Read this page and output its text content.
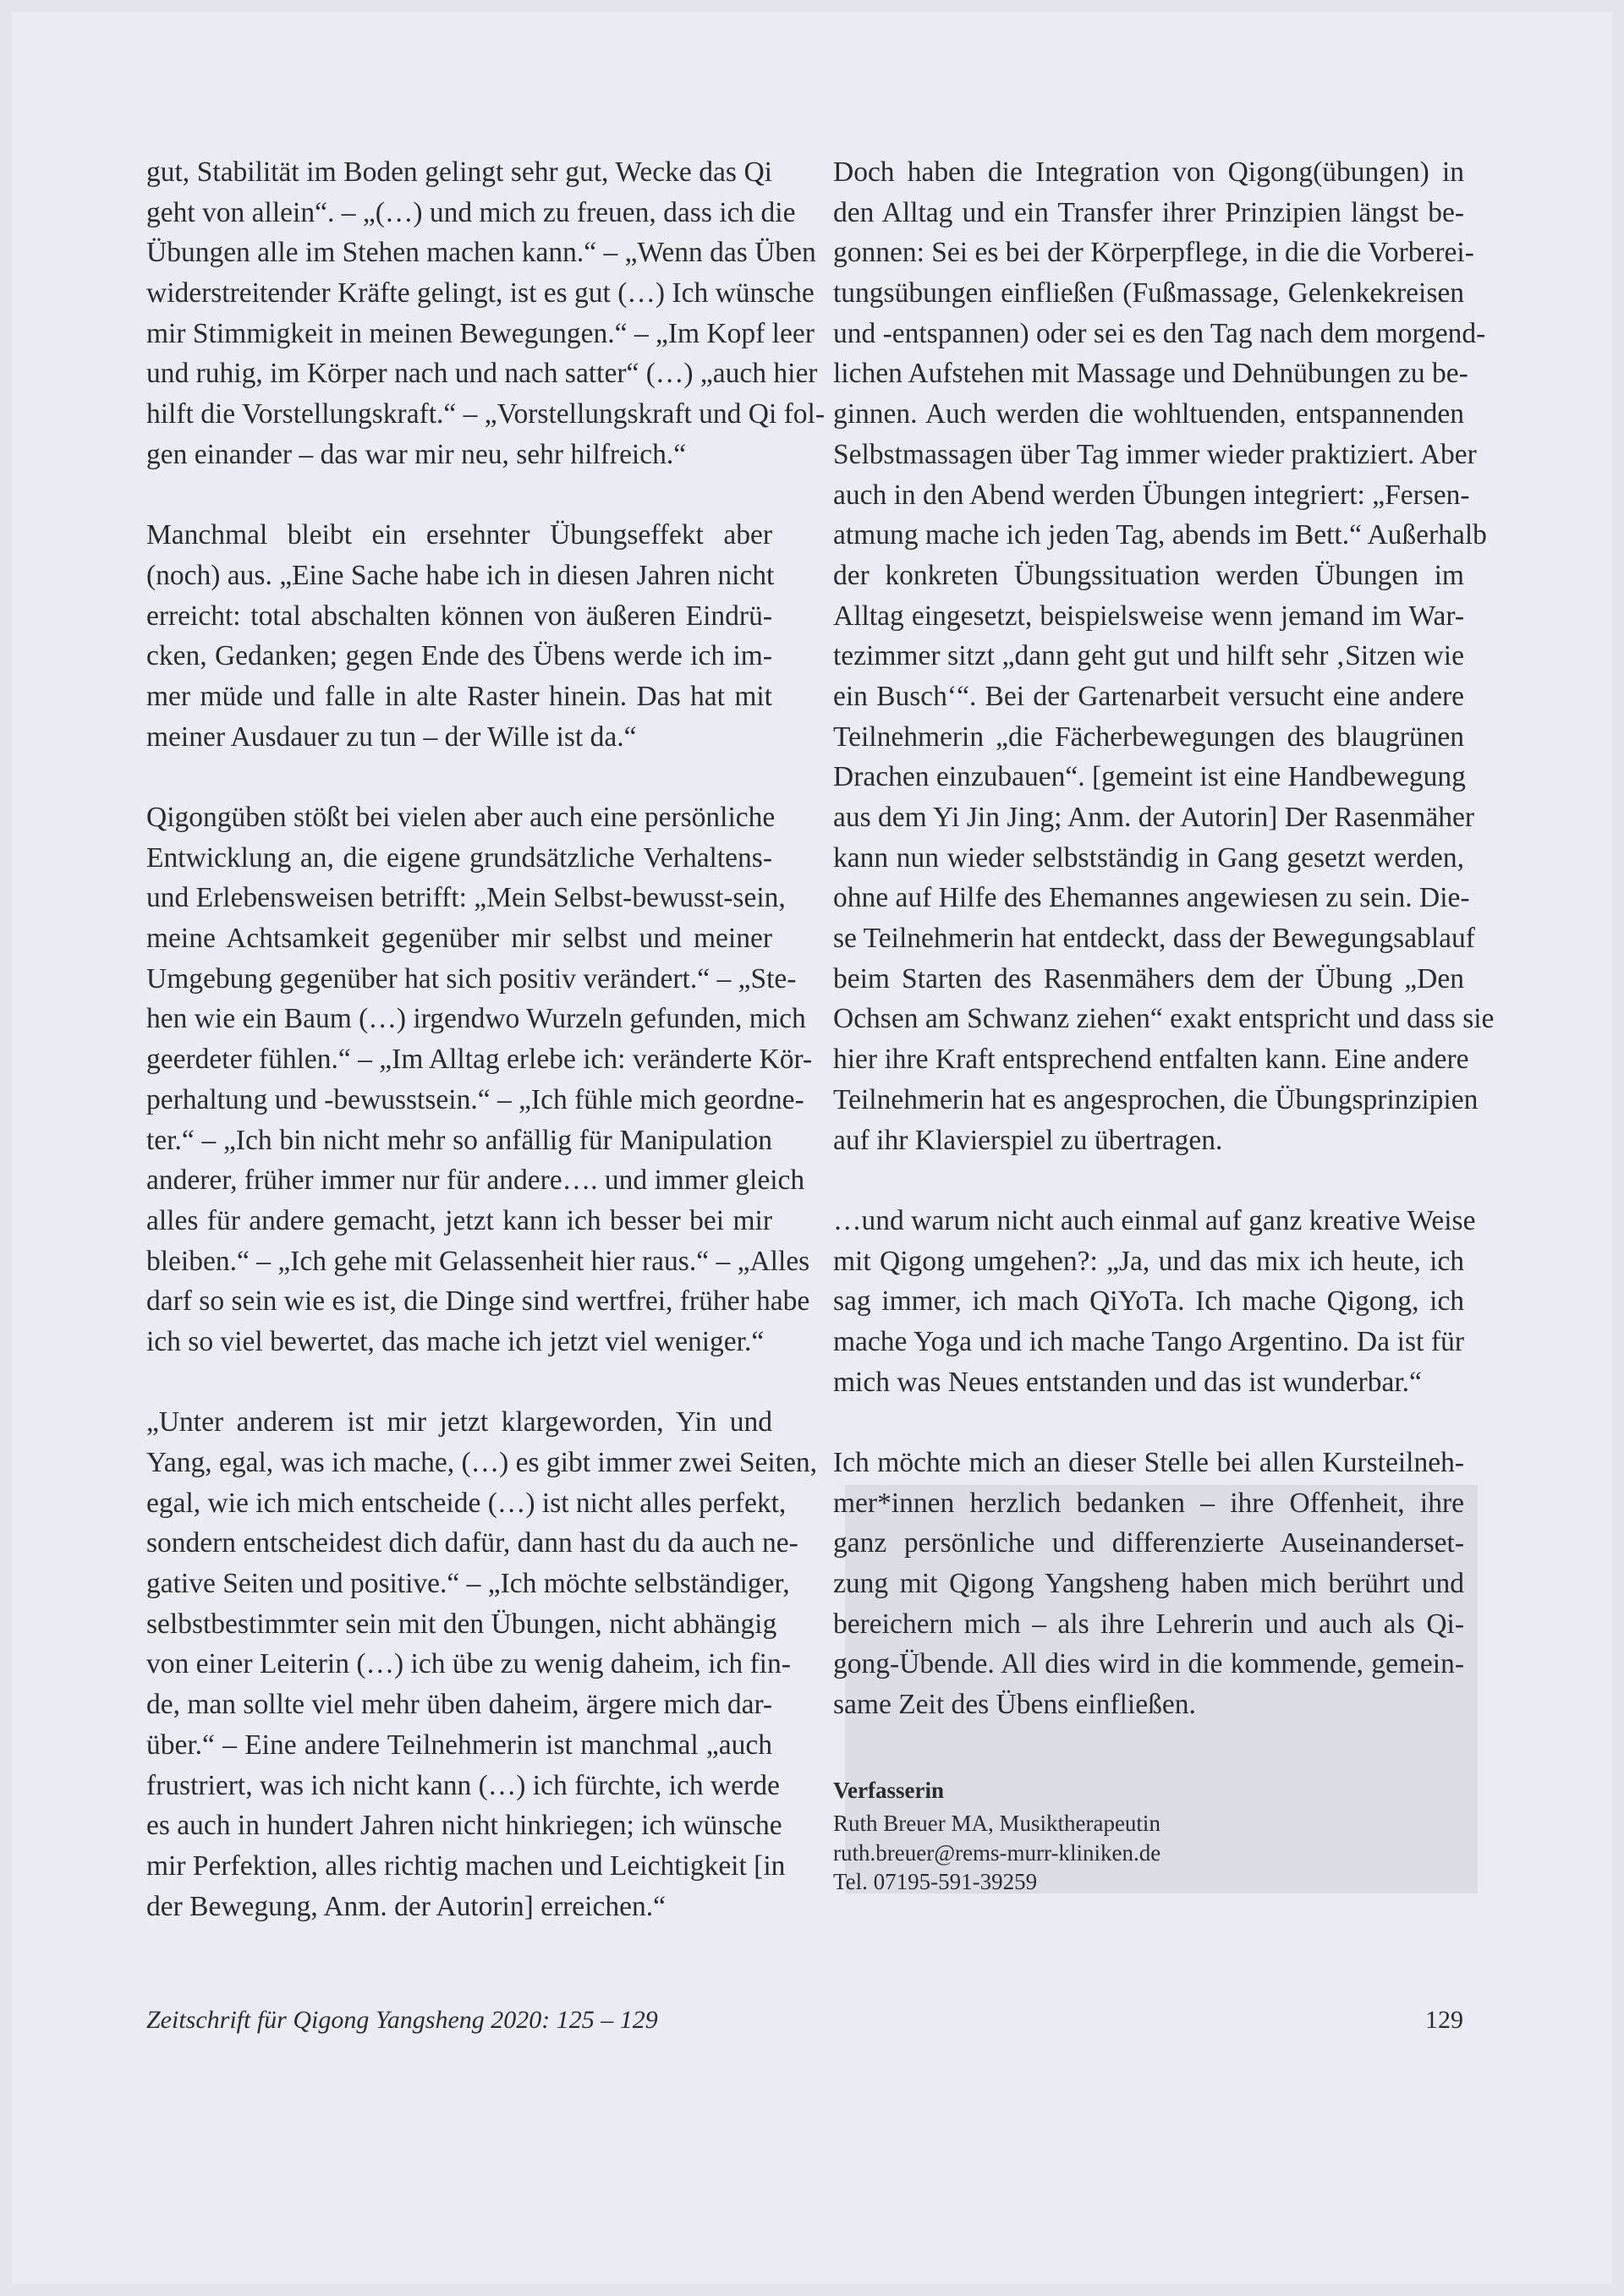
gut, Stabilität im Boden gelingt sehr gut, Wecke das Qi
geht von allein“. – „(…) und mich zu freuen, dass ich die
Übungen alle im Stehen machen kann.“ – „Wenn das Üben
widerstreitender Kräfte gelingt, ist es gut (…) Ich wünsche
mir Stimmigkeit in meinen Bewegungen.“ – „Im Kopf leer
und ruhig, im Körper nach und nach satter“ (…) „auch hier
hilft die Vorstellungskraft.“ – „Vorstellungskraft und Qi fol-
gen einander – das war mir neu, sehr hilfreich.“
Manchmal bleibt ein ersehnter Übungseffekt aber
(noch) aus. „Eine Sache habe ich in diesen Jahren nicht
erreicht: total abschalten können von äußeren Eindrü-
cken, Gedanken; gegen Ende des Übens werde ich im-
mer müde und falle in alte Raster hinein. Das hat mit
meiner Ausdauer zu tun – der Wille ist da.“
Qigongüben stößt bei vielen aber auch eine persönliche
Entwicklung an, die eigene grundsätzliche Verhaltens-
und Erlebensweisen betrifft: „Mein Selbst-bewusst-sein,
meine Achtsamkeit gegenüber mir selbst und meiner
Umgebung gegenüber hat sich positiv verändert.“ – „Ste-
hen wie ein Baum (…) irgendwo Wurzeln gefunden, mich
geerdeter fühlen.“ – „Im Alltag erlebe ich: veränderte Kör-
perhaltung und -bewusstsein.“ – „Ich fühle mich geordne-
ter.“ – „Ich bin nicht mehr so anfällig für Manipulation
anderer, früher immer nur für andere…. und immer gleich
alles für andere gemacht, jetzt kann ich besser bei mir
bleiben.“ – „Ich gehe mit Gelassenheit hier raus.“ – „Alles
darf so sein wie es ist, die Dinge sind wertfrei, früher habe
ich so viel bewertet, das mache ich jetzt viel weniger.“
„Unter anderem ist mir jetzt klargeworden, Yin und
Yang, egal, was ich mache, (…) es gibt immer zwei Seiten,
egal, wie ich mich entscheide (…) ist nicht alles perfekt,
sondern entscheidest dich dafür, dann hast du da auch ne-
gative Seiten und positive.“ – „Ich möchte selbständiger,
selbstbestimmter sein mit den Übungen, nicht abhängig
von einer Leiterin (…) ich übe zu wenig daheim, ich fin-
de, man sollte viel mehr üben daheim, ärgere mich dar-
über.“ – Eine andere Teilnehmerin ist manchmal „auch
frustriert, was ich nicht kann (…) ich fürchte, ich werde
es auch in hundert Jahren nicht hinkriegen; ich wünsche
mir Perfektion, alles richtig machen und Leichtigkeit [in
der Bewegung, Anm. der Autorin] erreichen.“
Doch haben die Integration von Qigong(übungen) in
den Alltag und ein Transfer ihrer Prinzipien längst be-
gonnen: Sei es bei der Körperpflege, in die die Vorberei-
tungsübungen einfließen (Fußmassage, Gelenkekreisen
und -entspannen) oder sei es den Tag nach dem morgend-
lichen Aufstehen mit Massage und Dehnübungen zu be-
ginnen. Auch werden die wohltuenden, entspannenden
Selbstmassagen über Tag immer wieder praktiziert. Aber
auch in den Abend werden Übungen integriert: „Fersen-
atmung mache ich jeden Tag, abends im Bett.“ Außerhalb
der konkreten Übungssituation werden Übungen im
Alltag eingesetzt, beispielsweise wenn jemand im War-
tezimmer sitzt „dann geht gut und hilft sehr ‚Sitzen wie
ein Busch‘“. Bei der Gartenarbeit versucht eine andere
Teilnehmerin „die Fächerbewegungen des blaugrünen
Drachen einzubauen“. [gemeint ist eine Handbewegung
aus dem Yi Jin Jing; Anm. der Autorin] Der Rasenmäher
kann nun wieder selbstständig in Gang gesetzt werden,
ohne auf Hilfe des Ehemannes angewiesen zu sein. Die-
se Teilnehmerin hat entdeckt, dass der Bewegungsablauf
beim Starten des Rasenmähers dem der Übung „Den
Ochsen am Schwanz ziehen“ exakt entspricht und dass sie
hier ihre Kraft entsprechend entfalten kann. Eine andere
Teilnehmerin hat es angesprochen, die Übungsprinzipien
auf ihr Klavierspiel zu übertragen.
…und warum nicht auch einmal auf ganz kreative Weise
mit Qigong umgehen?: „Ja, und das mix ich heute, ich
sag immer, ich mach QiYoTa. Ich mache Qigong, ich
mache Yoga und ich mache Tango Argentino. Da ist für
mich was Neues entstanden und das ist wunderbar.“
Ich möchte mich an dieser Stelle bei allen Kursteilneh-
mer*innen herzlich bedanken – ihre Offenheit, ihre
ganz persönliche und differenzierte Auseinanderset-
zung mit Qigong Yangsheng haben mich berührt und
bereichern mich – als ihre Lehrerin und auch als Qi-
gong-Übende. All dies wird in die kommende, gemein-
same Zeit des Übens einfließen.
Verfasserin
Ruth Breuer MA, Musiktherapeutin
ruth.breuer@rems-murr-kliniken.de
Tel. 07195-591-39259
Zeitschrift für Qigong Yangsheng 2020: 125 – 129	129
